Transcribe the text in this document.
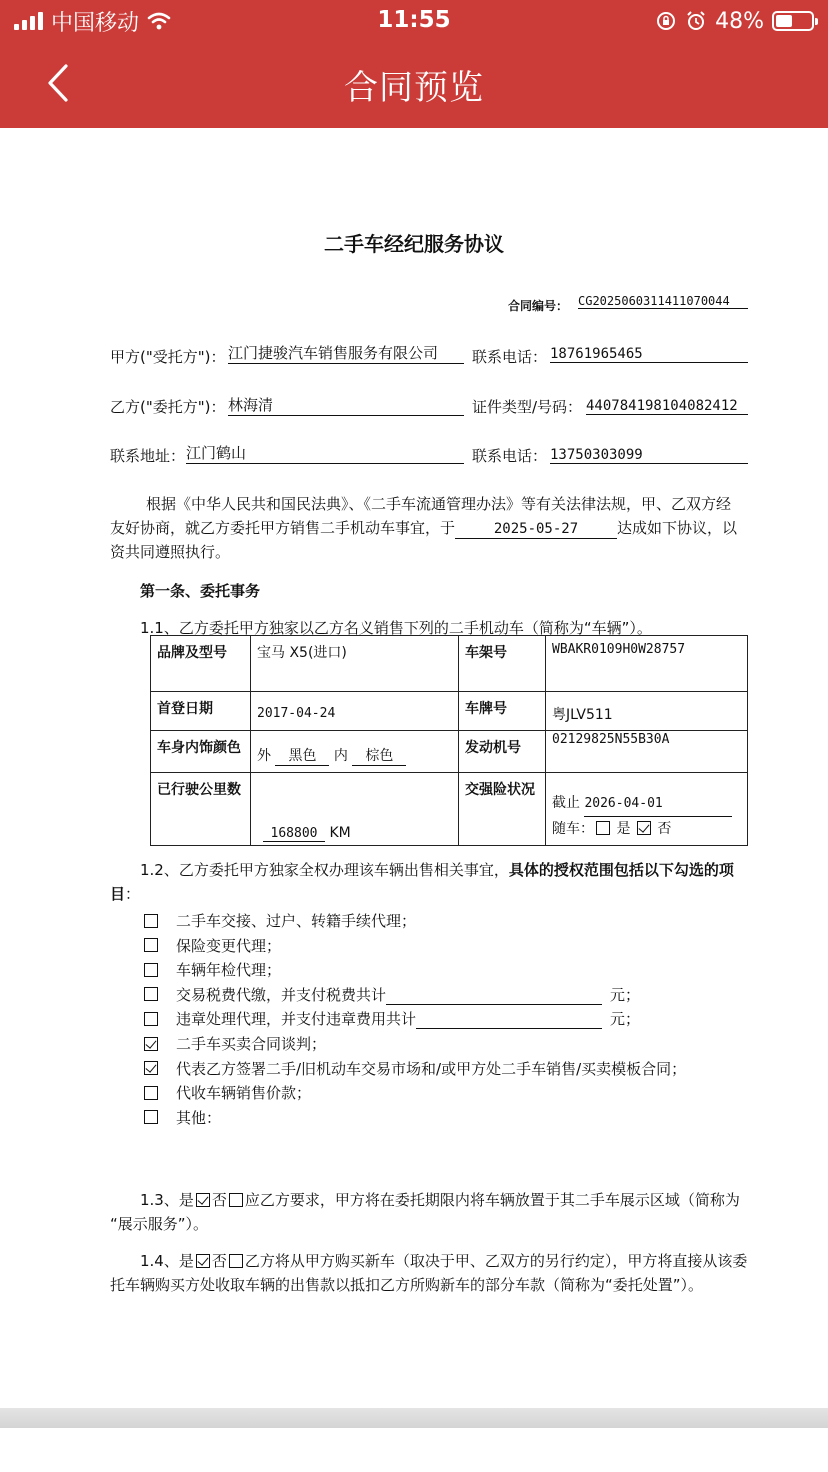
中国移动	11:55	48%
合同预览
二手车经纪服务协议
合同编号： CG2025060311411070044
甲方("受托方")： 江门捷骏汽车销售服务有限公司	联系电话： 18761965465
乙方("委托方")： 林海清	证件类型/号码： 440784198104082412
联系地址： 江门鹤山	联系电话： 13750303099
根据《中华人民共和国民法典》、《二手车流通管理办法》等有关法律法规，甲、乙双方经
友好协商，就乙方委托甲方销售二手机动车事宜，于	2025-05-27	达成如下协议，以
资共同遵照执行。
第一条、委托事务
1.1、乙方委托甲方独家以乙方名义销售下列的二手机动车（简称为“车辆”）。
品牌及型号	宝马 X5(进口)	车架号	WBAKR0109H0W28757
首登日期	2017-04-24	车牌号	粤JLV511
车身内饰颜色	外 黑色 内 棕色	发动机号	02129825N55B30A
已行驶公里数	168800 KM	交强险状况	截止 2026-04-01
随车： 是 否
1.2、乙方委托甲方独家全权办理该车辆出售相关事宜，具体的授权范围包括以下勾选的项
目：
二手车交接、过户、转籍手续代理；
保险变更代理；
车辆年检代理；
交易税费代缴，并支付税费共计	元；
违章处理代理，并支付违章费用共计	元；
二手车买卖合同谈判；
代表乙方签署二手/旧机动车交易市场和/或甲方处二手车销售/买卖模板合同；
代收车辆销售价款；
其他：
1.3、是 否 应乙方要求，甲方将在委托期限内将车辆放置于其二手车展示区域（简称为
“展示服务”）。
1.4、是 否 乙方将从甲方购买新车（取决于甲、乙双方的另行约定），甲方将直接从该委
托车辆购买方处收取车辆的出售款以抵扣乙方所购新车的部分车款（简称为“委托处置”）。
